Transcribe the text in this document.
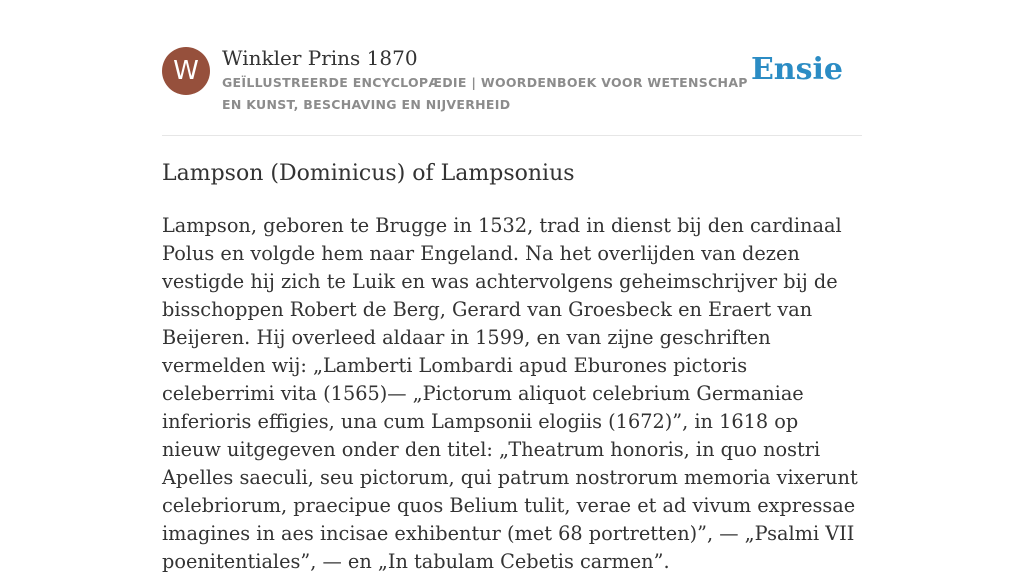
W	Winkler Prins 1870
GEÏLLUSTREERDE ENCYCLOPÆDIE | WOORDENBOEK VOOR WETENSCHAP EN KUNST, BESCHAVING EN NIJVERHEID
Ensie
Lampson (Dominicus) of Lampsonius

Lampson, geboren te Brugge in 1532, trad in dienst bij den cardinaal Polus en volgde hem naar Engeland. Na het overlijden van dezen vestigde hij zich te Luik en was achtervolgens geheimschrijver bij de bisschoppen Robert de Berg, Gerard van Groesbeck en Eraert van Beijeren. Hij overleed aldaar in 1599, en van zijne geschriften vermelden wij: „Lamberti Lombardi apud Eburones pictoris celeberrimi vita (1565)— „Pictorum aliquot celebrium Germaniae inferioris effigies, una cum Lampsonii elogiis (1672)”, in 1618 op nieuw uitgegeven onder den titel: „Theatrum honoris, in quo nostri Apelles saeculi, seu pictorum, qui patrum nostrorum memoria vixerunt celebriorum, praecipue quos Belium tulit, verae et ad vivum expressae imagines in aes incisae exhibentur (met 68 portretten)”, — „Psalmi VII poenitentiales”, — en „In tabulam Cebetis carmen”.
